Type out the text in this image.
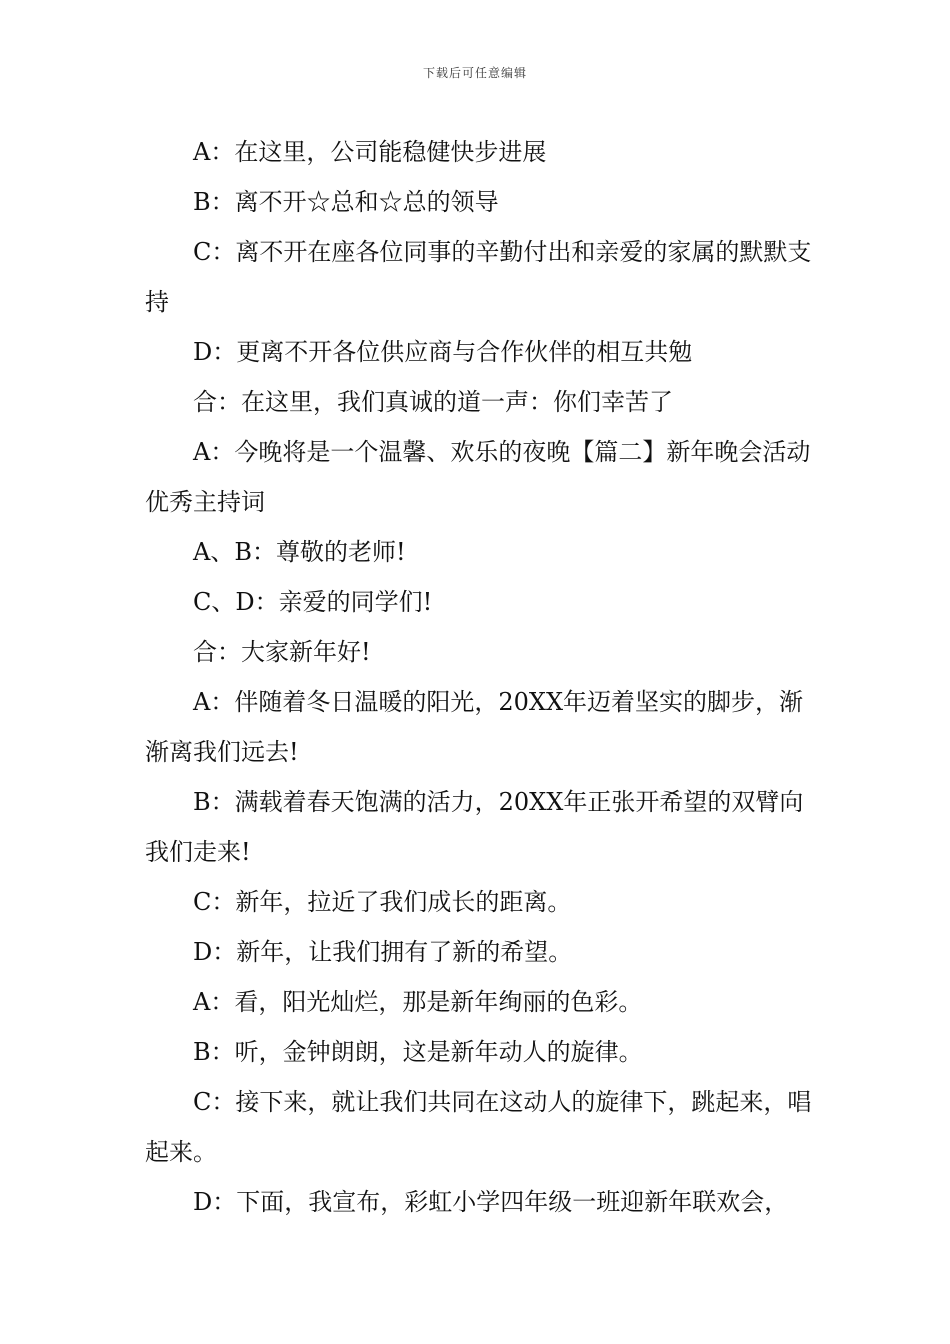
下载后可任意编辑

A：在这里，公司能稳健快步进展

B：离不开☆总和☆总的领导

C：离不开在座各位同事的辛勤付出和亲爱的家属的默默支持

D：更离不开各位供应商与合作伙伴的相互共勉

合：在这里，我们真诚的道一声：你们幸苦了

A：今晚将是一个温馨、欢乐的夜晚【篇二】新年晚会活动优秀主持词

A、B：尊敬的老师!

C、D：亲爱的同学们!

合：大家新年好!

A：伴随着冬日温暖的阳光，20XX年迈着坚实的脚步，渐渐离我们远去!

B：满载着春天饱满的活力，20XX年正张开希望的双臂向我们走来!

C：新年，拉近了我们成长的距离。

D：新年，让我们拥有了新的希望。

A：看，阳光灿烂，那是新年绚丽的色彩。

B：听，金钟朗朗，这是新年动人的旋律。

C：接下来，就让我们共同在这动人的旋律下，跳起来，唱起来。

D：下面，我宣布，彩虹小学四年级一班迎新年联欢会，
